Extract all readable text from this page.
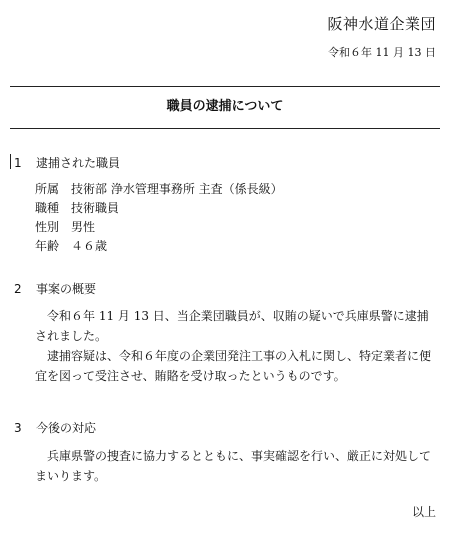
阪神水道企業団
令和６年 11 月 13 日
職員の逮捕について
1 逮捕された職員
所属 技術部 浄水管理事務所 主査（係長級）
職種 技術職員
性別 男性
年齢 ４６歳
2 事案の概要
令和６年 11 月 13 日、当企業団職員が、収賄の疑いで兵庫県警に逮捕されました。
逮捕容疑は、令和６年度の企業団発注工事の入札に関し、特定業者に便宜を図って受注させ、賄賂を受け取ったというものです。
3 今後の対応
兵庫県警の捜査に協力するとともに、事実確認を行い、厳正に対処してまいります。
以上
